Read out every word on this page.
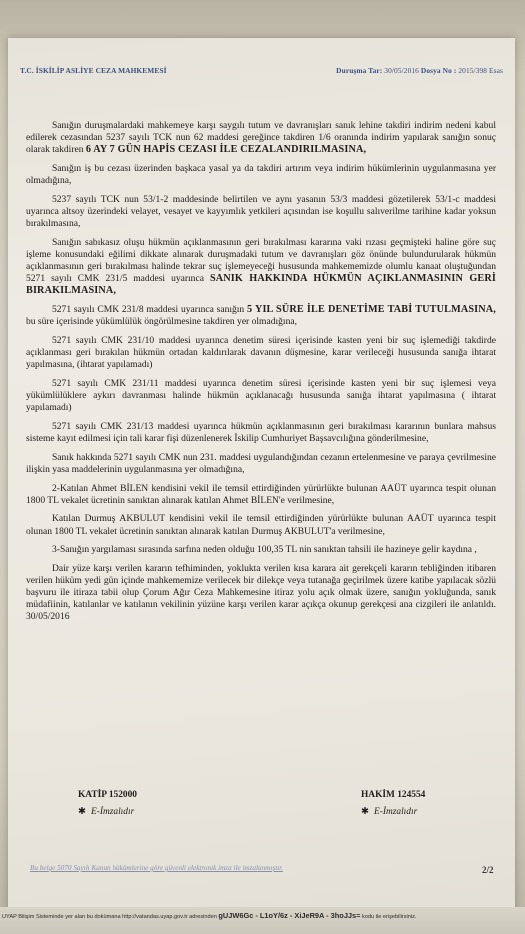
T.C. İSKİLİP ASLİYE CEZA MAHKEMESİ	Duruşma Tar: 30/05/2016 Dosya No : 2015/398 Esas

Sanığın duruşmalardaki mahkemeye karşı saygılı tutum ve davranışları sanık lehine takdiri indirim nedeni kabul edilerek cezasından 5237 sayılı TCK nun 62 maddesi gereğince takdiren 1/6 oranında indirim yapılarak sanığın sonuç olarak takdiren 6 AY 7 GÜN HAPİS CEZASI İLE CEZALANDIRILMASINA,

Sanığın iş bu cezası üzerinden başkaca yasal ya da takdiri artırım veya indirim hükümlerinin uygulanmasına yer olmadığına,

5237 sayılı TCK nun 53/1-2 maddesinde belirtilen ve aynı yasanın 53/3 maddesi gözetilerek 53/1-c maddesi uyarınca altsoy üzerindeki velayet, vesayet ve kayyımlık yetkileri açısından ise koşullu salıverilme tarihine kadar yoksun bırakılmasına,

Sanığın sabıkasız oluşu hükmün açıklanmasının geri bırakılması kararına vaki rızası geçmişteki haline göre suç işleme konusundaki eğilimi dikkate alınarak duruşmadaki tutum ve davranışları göz önünde bulundurularak hükmün açıklanmasının geri bırakılması halinde tekrar suç işlemeyeceği hususunda mahkememizde olumlu kanaat oluştuğundan 5271 sayılı CMK 231/5 maddesi uyarınca SANIK HAKKINDA HÜKMÜN AÇIKLANMASININ GERİ BIRAKILMASINA,

5271 sayılı CMK 231/8 maddesi uyarınca sanığın 5 YIL SÜRE İLE DENETİME TABİ TUTULMASINA, bu süre içerisinde yükümlülük öngörülmesine takdiren yer olmadığına,

5271 sayılı CMK 231/10 maddesi uyarınca denetim süresi içerisinde kasten yeni bir suç işlemediği takdirde açıklanması geri bırakılan hükmün ortadan kaldırılarak davanın düşmesine, karar verileceği hususunda sanığa ihtarat yapılmasına, (ihtarat yapılamadı)

5271 sayılı CMK 231/11 maddesi uyarınca denetim süresi içerisinde kasten yeni bir suç işlemesi veya yükümlülüklere aykırı davranması halinde hükmün açıklanacağı hususunda sanığa ihtarat yapılmasına ( ihtarat yapılamadı)

5271 sayılı CMK 231/13 maddesi uyarınca hükmün açıklanmasının geri bırakılması kararının bunlara mahsus sisteme kayıt edilmesi için tali karar fişi düzenlenerek İskilip Cumhuriyet Başsavcılığına gönderilmesine,

Sanık hakkında 5271 sayılı CMK nun 231. maddesi uygulandığından cezanın ertelenmesine ve paraya çevrilmesine ilişkin yasa maddelerinin uygulanmasına yer olmadığına,

2-Katılan Ahmet BİLEN kendisini vekil ile temsil ettirdiğinden yürürlükte bulunan AAÜT uyarınca tespit olunan 1800 TL vekalet ücretinin sanıktan alınarak katılan Ahmet BİLEN'e verilmesine,

Katılan Durmuş AKBULUT kendisini vekil ile temsil ettirdiğinden yürürlükte bulunan AAÜT uyarınca tespit olunan 1800 TL vekalet ücretinin sanıktan alınarak katılan Durmuş AKBULUT'a verilmesine,

3-Sanığın yargılaması sırasında sarfına neden olduğu 100,35 TL nin sanıktan tahsili ile hazineye gelir kaydına ,

Dair yüze karşı verilen kararın tefhiminden, yoklukta verilen kısa karara ait gerekçeli kararın tebliğinden itibaren verilen hüküm yedi gün içinde mahkememize verilecek bir dilekçe veya tutanağa geçirilmek üzere katibe yapılacak sözlü başvuru ile itiraza tabii olup Çorum Ağır Ceza Mahkemesine itiraz yolu açık olmak üzere, sanığın yokluğunda, sanık müdafiinin, katılanlar ve katılanın vekilinin yüzüne karşı verilen karar açıkça okunup gerekçesi ana cizgileri ile anlatıldı. 30/05/2016

KATİP 152000
✱ E-İmzalıdır
HAKİM 124554
✱ E-İmzalıdır
Bu belge 5070 Sayılı Kanun hükümlerine göre güvenli elektronik imza ile imzalanmıştır.	2/2
UYAP Bilişim Sisteminde yer alan bu dokümana http://vatandas.uyap.gov.tr adresinden gUJW6Gc - L1oY/6z - XiJeR9A - 3hoJJs= kodu ile erişebilirsiniz.
